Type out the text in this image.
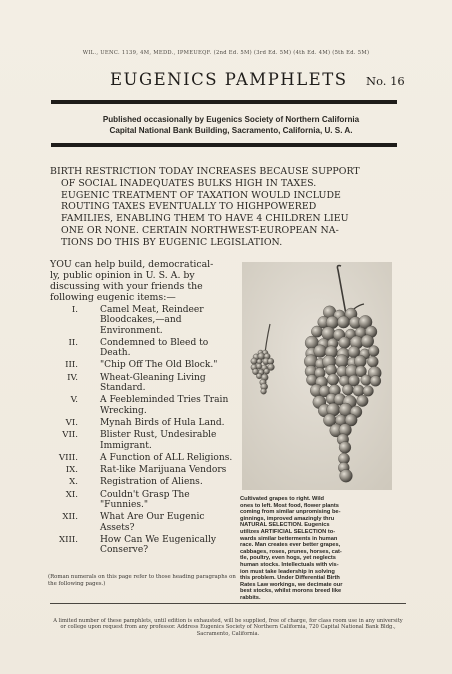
WIL., UENC. 1139, 4M, MEDD., IPMEUEQF. (2nd Ed. 5M) (3rd Ed. 5M) (4th Ed. 4M) (5th Ed. 5M)
EUGENICS PAMPHLETS No. 16
Published occasionally by Eugenics Society of Northern California
Capital National Bank Building, Sacramento, California, U. S. A.
BIRTH RESTRICTION TODAY INCREASES BECAUSE SUPPORT
OF SOCIAL INADEQUATES BULKS HIGH IN TAXES.
EUGENIC TREATMENT OF TAXATION WOULD INCLUDE
ROUTING TAXES EVENTUALLY TO HIGHPOWERED
FAMILIES, ENABLING THEM TO HAVE 4 CHILDREN LIEU
ONE OR NONE. CERTAIN NORTHWEST-EUROPEAN NA-
TIONS DO THIS BY EUGENIC LEGISLATION.
YOU can help build, democratical-
ly, public opinion in U. S. A. by
discussing with your friends the
following eugenic items:—
I. Camel Meat, Reindeer Bloodcakes,—and Environment.
II. Condemned to Bleed to Death.
III. "Chip Off The Old Block."
IV. Wheat-Gleaning Living Standard.
V. A Feebleminded Tries Train Wrecking.
VI. Mynah Birds of Hula Land.
VII. Blister Rust, Undesirable Immigrant.
VIII. A Function of ALL Religions.
IX. Rat-like Marijuana Vendors
X. Registration of Aliens.
XI. Couldn't Grasp The "Funnies."
XII. What Are Our Eugenic Assets?
XIII. How Can We Eugenically Conserve?
(Roman numerals on this page refer to those heading paragraphs on the following pages.)
Cultivated grapes to right. Wild
ones to left. Most food, flower plants
coming from similar unpromising be-
ginnings, improved amazingly thru
NATURAL SELECTION. Eugenics
utilizes ARTIFICIAL SELECTION to-
wards similar betterments in human
race. Man creates ever better grapes,
cabbages, roses, prunes, horses, cat-
tle, poultry, even hogs, yet neglects
human stocks. Intellectuals with vis-
ion must take leadership in solving
this problem. Under Differential Birth
Rates Law workings, we decimate our
best stocks, whilst morons breed like
rabbits.
A limited number of these pamphlets, until edition is exhausted, will be supplied, free of charge, for class room use in any university or college upon request from any professor. Address Eugenics Society of Northern California, 720 Capital National Bank Bldg., Sacramento, California.
